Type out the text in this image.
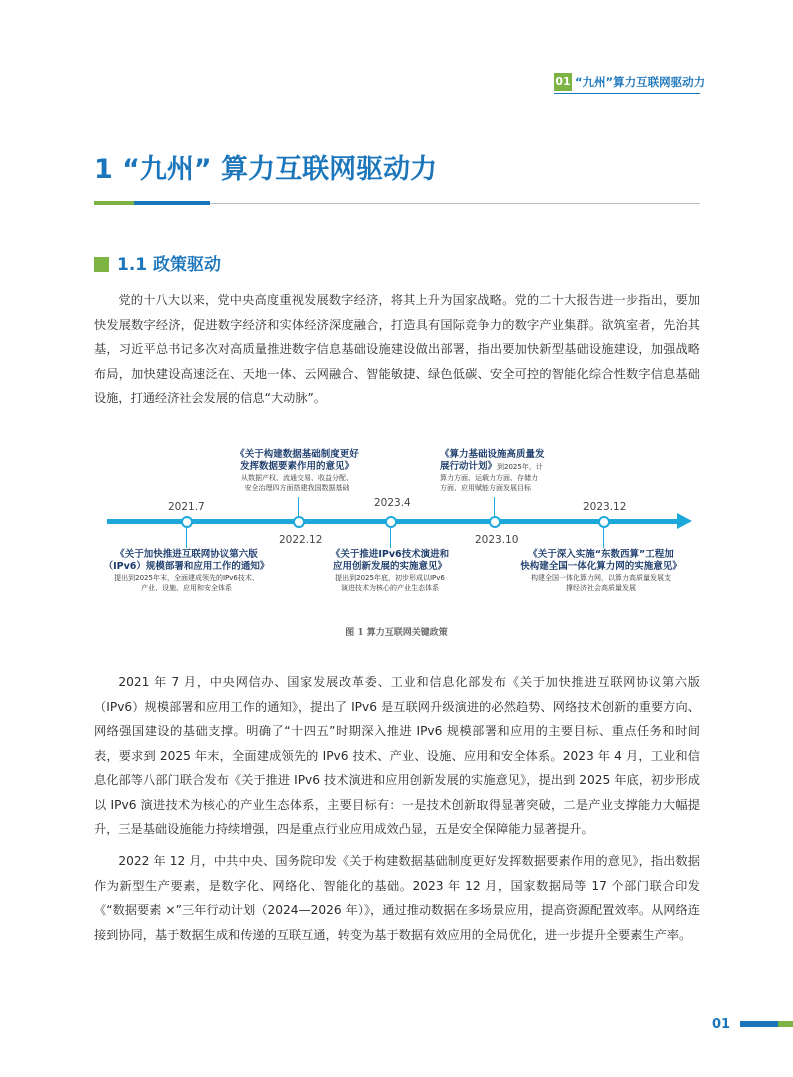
01 “九州”算力互联网驱动力
1 “九州” 算力互联网驱动力
1.1 政策驱动
党的十八大以来，党中央高度重视发展数字经济，将其上升为国家战略。党的二十大报告进一步指出，要加快发展数字经济，促进数字经济和实体经济深度融合，打造具有国际竞争力的数字产业集群。欲筑室者，先治其基，习近平总书记多次对高质量推进数字信息基础设施建设做出部署，指出要加快新型基础设施建设，加强战略布局，加快建设高速泛在、天地一体、云网融合、智能敏捷、绿色低碳、安全可控的智能化综合性数字信息基础设施，打通经济社会发展的信息“大动脉”。
2021.7
《关于加快推进互联网协议第六版
（IPv6）规模部署和应用工作的通知》
提出到2025年末，全面建成领先的IPv6技术、
产业、设施、应用和安全体系
2022.12
《关于构建数据基础制度更好
发挥数据要素作用的意见》
从数据产权、流通交易、收益分配、
安全治理四方面搭建我国数据基础
2023.4
《关于推进IPv6技术演进和
应用创新发展的实施意见》
提出到2025年底，初步形成以IPv6
演进技术为核心的产业生态体系
2023.10
《算力基础设施高质量发
展行动计划》到2025年，计
算力方面、运载力方面、存储力
方面、应用赋能方面发展目标
2023.12
《关于深入实施“东数西算”工程加
快构建全国一体化算力网的实施意见》
构建全国一体化算力网，以算力高质量发展支
撑经济社会高质量发展
图 1 算力互联网关键政策
2021 年 7 月，中央网信办、国家发展改革委、工业和信息化部发布《关于加快推进互联网协议第六版（IPv6）规模部署和应用工作的通知》，提出了 IPv6 是互联网升级演进的必然趋势、网络技术创新的重要方向、网络强国建设的基础支撑。明确了“十四五”时期深入推进 IPv6 规模部署和应用的主要目标、重点任务和时间表，要求到 2025 年末，全面建成领先的 IPv6 技术、产业、设施、应用和安全体系。2023 年 4 月，工业和信息化部等八部门联合发布《关于推进 IPv6 技术演进和应用创新发展的实施意见》，提出到 2025 年底，初步形成以 IPv6 演进技术为核心的产业生态体系，主要目标有：一是技术创新取得显著突破，二是产业支撑能力大幅提升，三是基础设施能力持续增强，四是重点行业应用成效凸显，五是安全保障能力显著提升。
2022 年 12 月，中共中央、国务院印发《关于构建数据基础制度更好发挥数据要素作用的意见》，指出数据作为新型生产要素，是数字化、网络化、智能化的基础。2023 年 12 月，国家数据局等 17 个部门联合印发《“数据要素 ×”三年行动计划（2024—2026 年）》，通过推动数据在多场景应用，提高资源配置效率。从网络连接到协同，基于数据生成和传递的互联互通，转变为基于数据有效应用的全局优化，进一步提升全要素生产率。
01
